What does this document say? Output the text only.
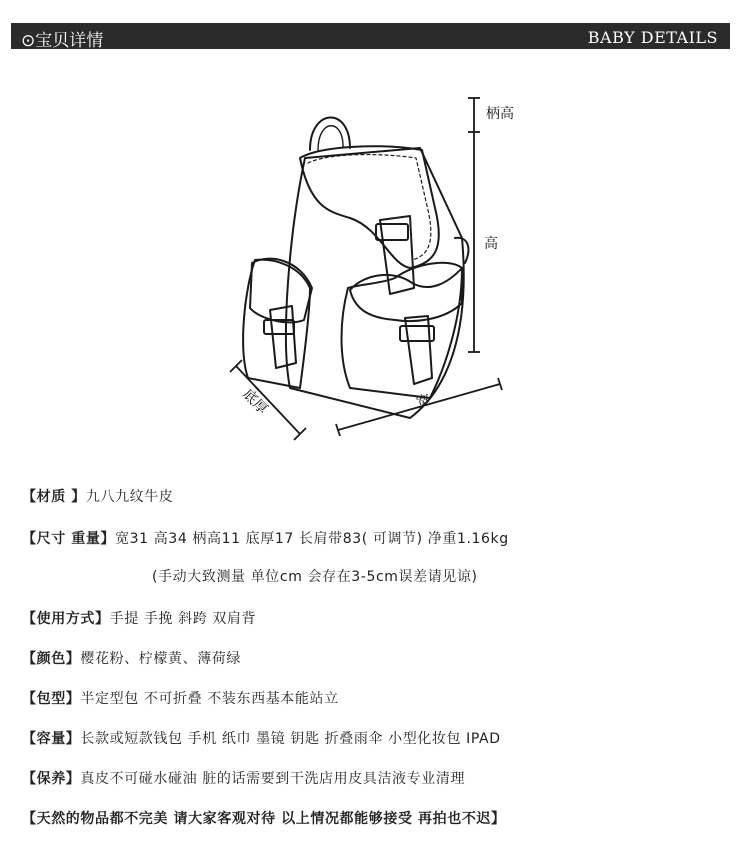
⊙宝贝详情	BABY DETAILS
柄高
高
底厚	宽
【材质 】九八九纹牛皮
【尺寸 重量】宽31 高34 柄高11 底厚17 长肩带83( 可调节) 净重1.16kg
(手动大致测量 单位cm 会存在3-5cm误差请见谅)
【使用方式】手提 手挽 斜跨 双肩背
【颜色】樱花粉、柠檬黄、薄荷绿
【包型】半定型包 不可折叠 不装东西基本能站立
【容量】长款或短款钱包 手机 纸巾 墨镜 钥匙 折叠雨伞 小型化妆包 IPAD
【保养】真皮不可碰水碰油 脏的话需要到干洗店用皮具洁液专业清理
【天然的物品都不完美 请大家客观对待 以上情况都能够接受 再拍也不迟】
